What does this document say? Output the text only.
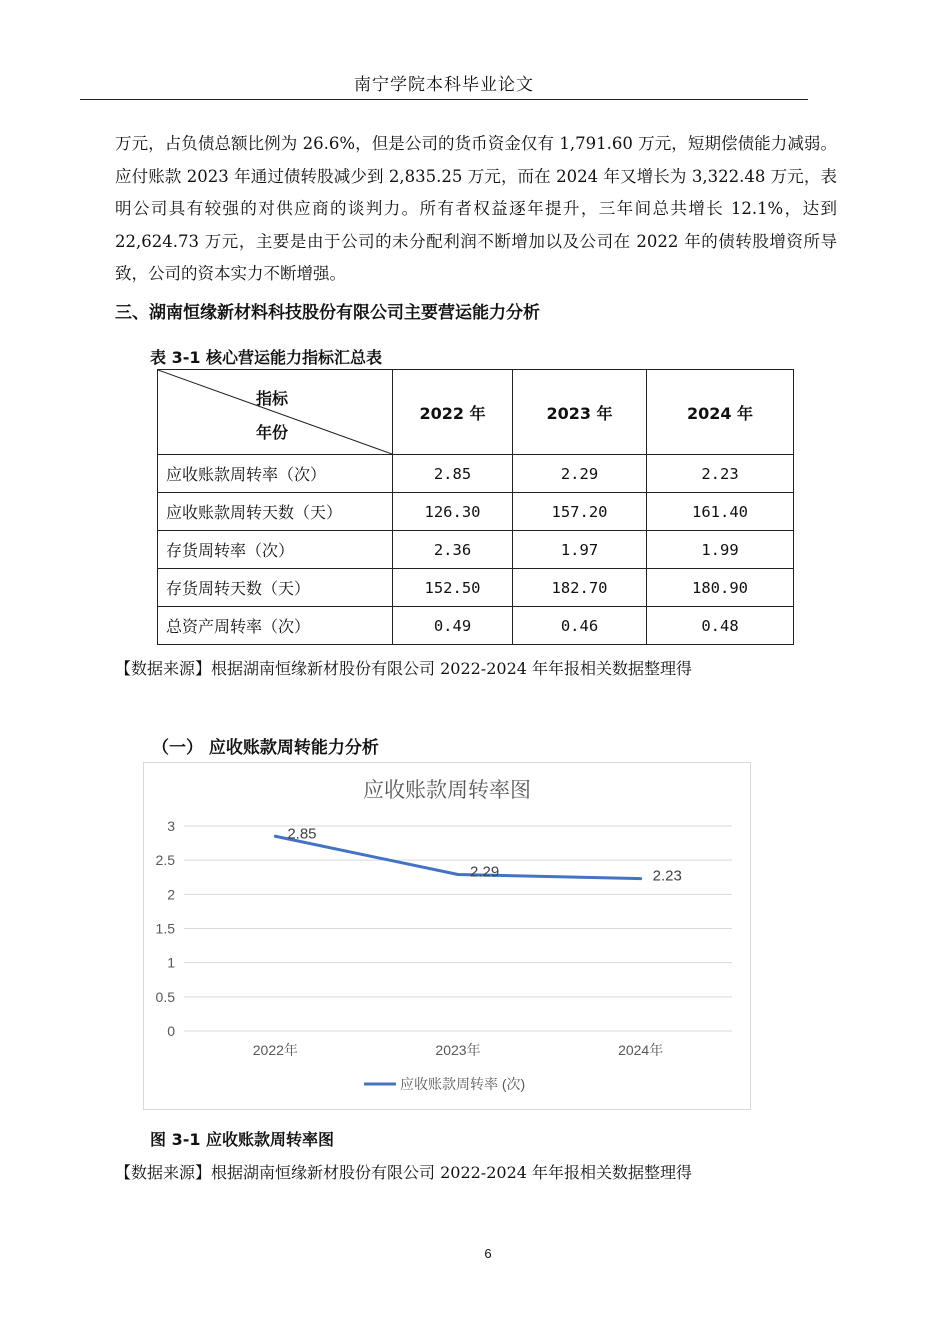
南宁学院本科毕业论文

万元，占负债总额比例为 26.6%，但是公司的货币资金仅有 1,791.60 万元，短期偿债能力减弱。应付账款 2023 年通过债转股减少到 2,835.25 万元，而在 2024 年又增长为 3,322.48 万元，表明公司具有较强的对供应商的谈判力。所有者权益逐年提升，三年间总共增长 12.1%，达到 22,624.73 万元，主要是由于公司的未分配利润不断增加以及公司在 2022 年的债转股增资所导致，公司的资本实力不断增强。

三、湖南恒缘新材料科技股份有限公司主要营运能力分析
表 3-1 核心营运能力指标汇总表
指标
年份	2022 年	2023 年	2024 年
应收账款周转率（次）	2.85	2.29	2.23
应收账款周转天数（天）	126.30	157.20	161.40
存货周转率（次）	2.36	1.97	1.99
存货周转天数（天）	152.50	182.70	180.90
总资产周转率（次）	0.49	0.46	0.48
【数据来源】根据湖南恒缘新材股份有限公司 2022-2024 年年报相关数据整理得
（一） 应收账款周转能力分析
应收账款周转率图
0
0.5
1
1.5
2
2.5
3
2022年	2023年	2024年
2.85
2.29	2.23
应收账款周转率 (次)
图 3-1 应收账款周转率图
【数据来源】根据湖南恒缘新材股份有限公司 2022-2024 年年报相关数据整理得
6
